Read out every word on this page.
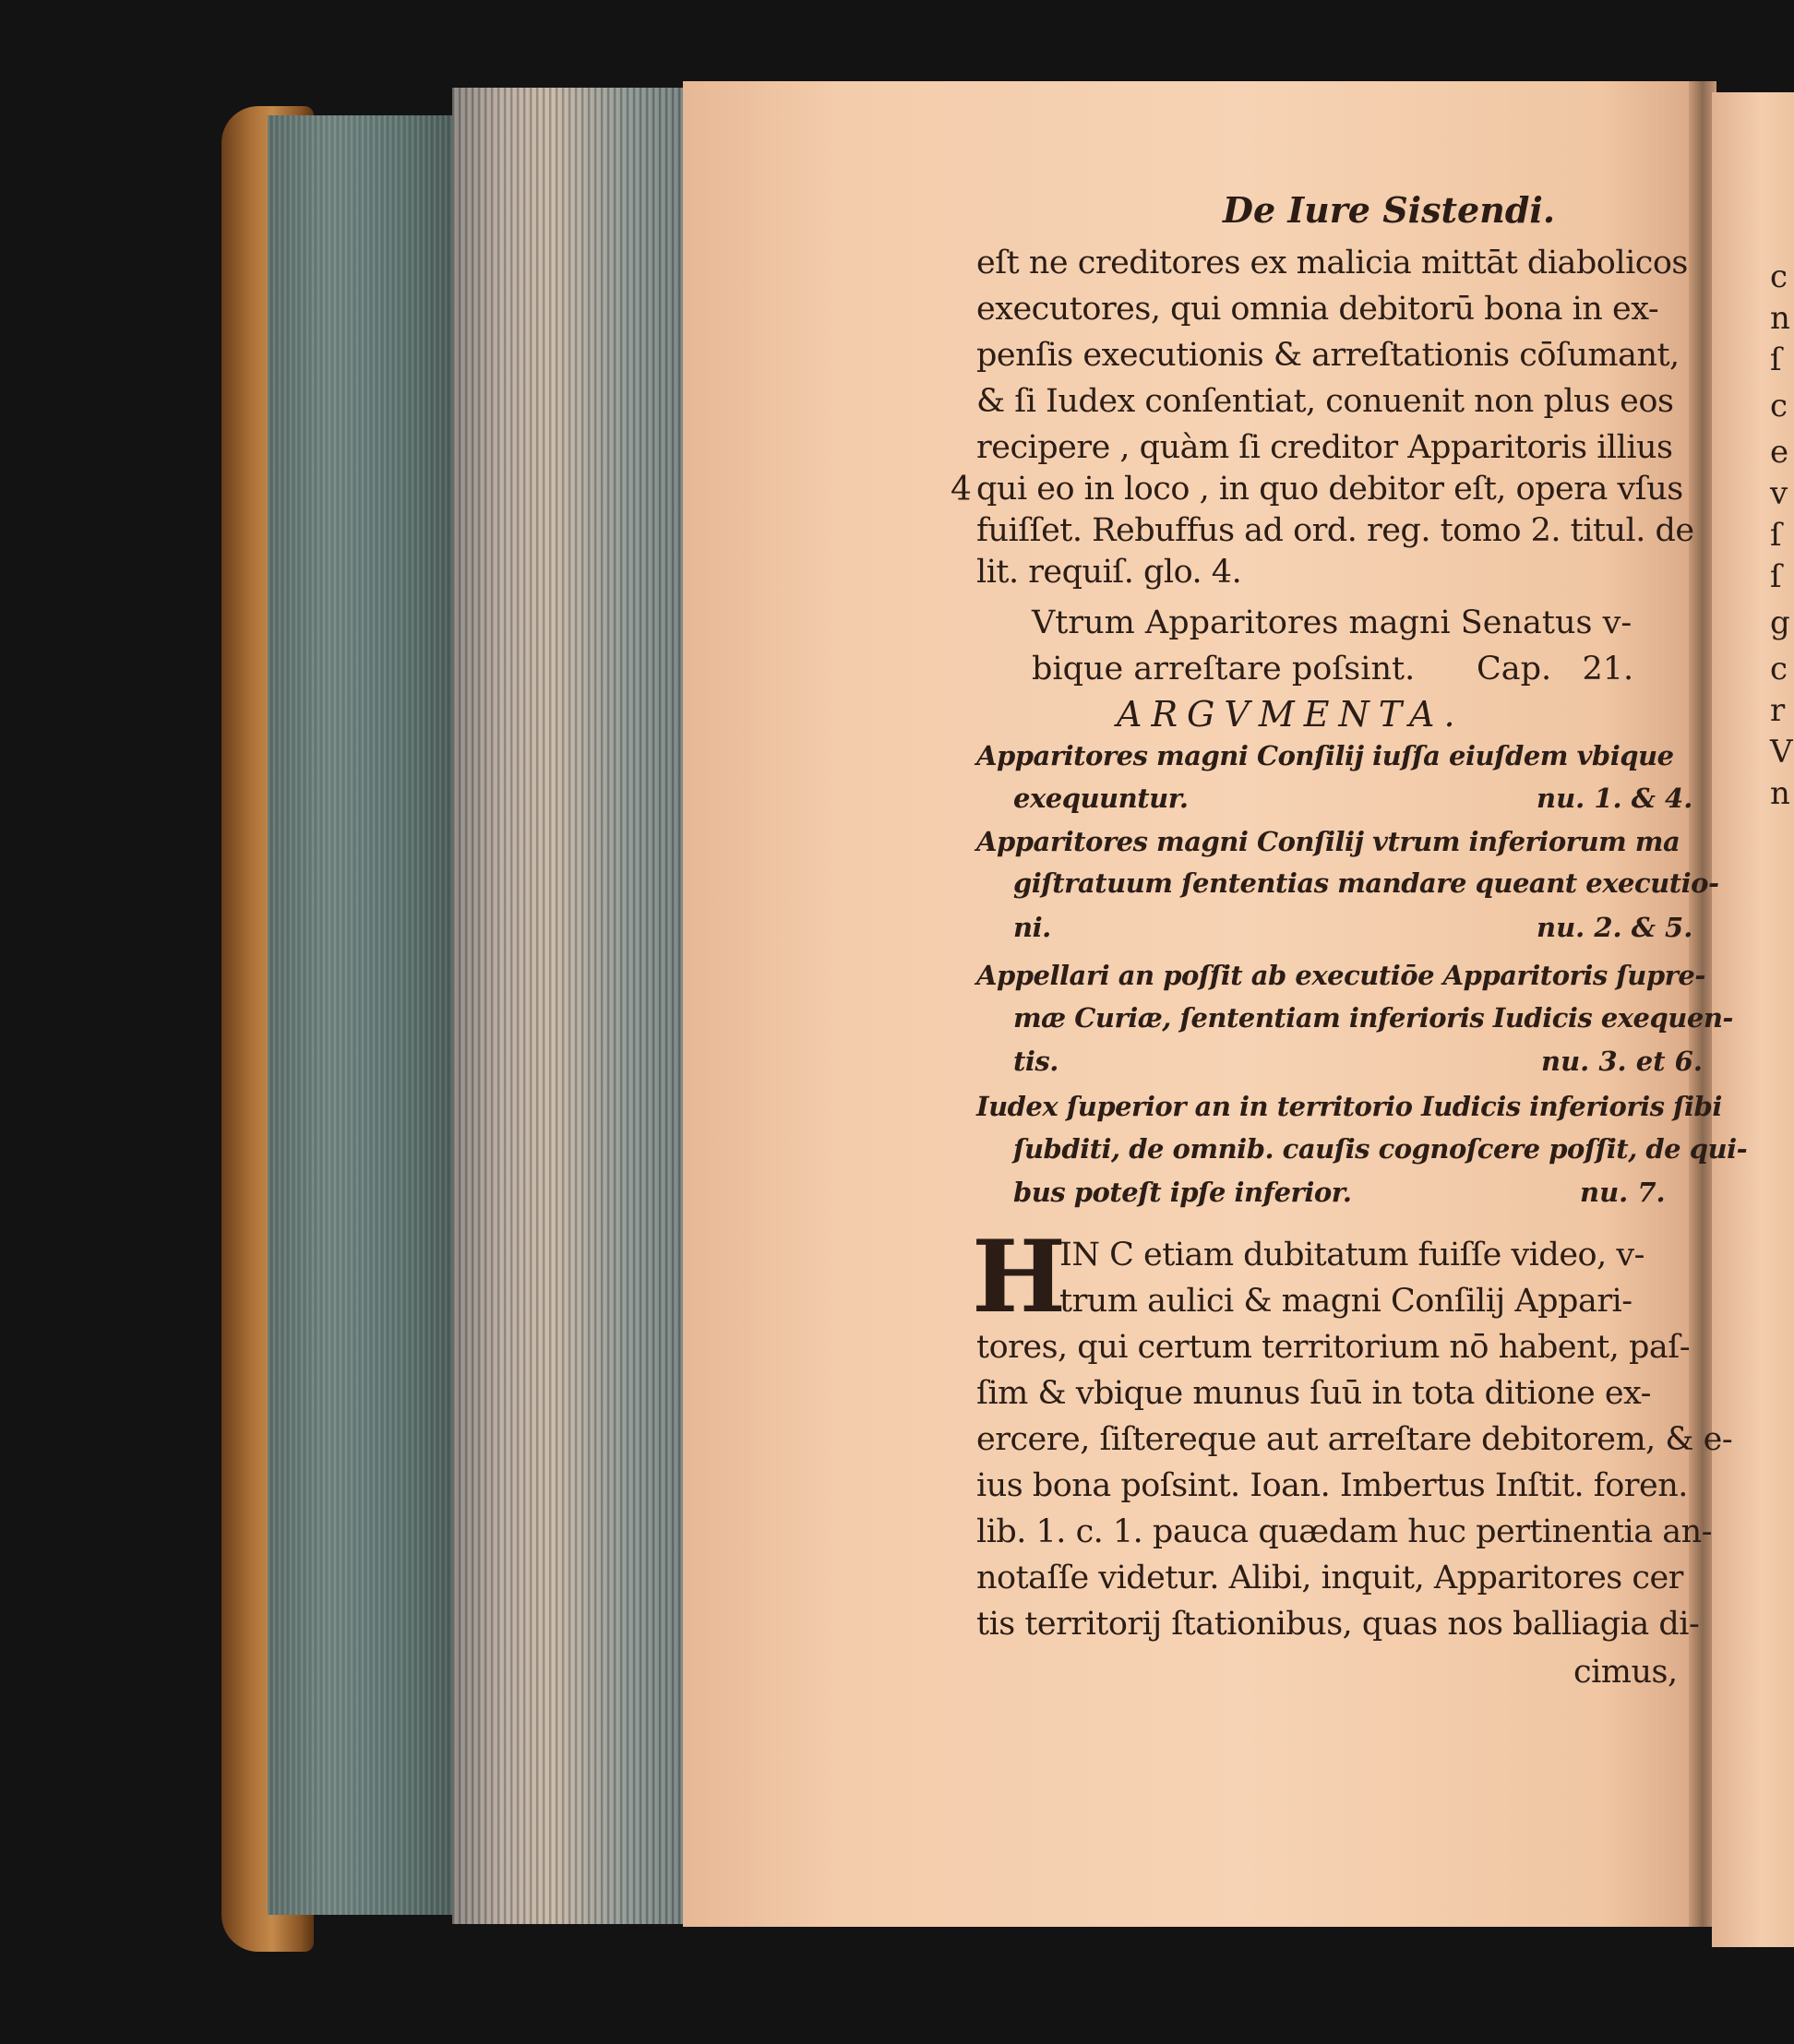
De Iure Sistendi.
eſt ne creditores ex malicia mittāt diabolicos
executores, qui omnia debitorū bona in ex-
penſis executionis & arreſtationis cōſumant,
& ſi Iudex conſentiat, conuenit non plus eos
recipere , quàm ſi creditor Apparitoris illius
4 qui eo in loco , in quo debitor eſt, opera vſus
fuiſſet. Rebuffus ad ord. reg. tomo 2. titul. de
lit. requiſ. glo. 4.
Vtrum Apparitores magni Senatus v-
bique arreſtare poſsint.      Cap.   21.
ARGVMENTA.
Apparitores magni Conſilij iuſſa eiuſdem vbique
exequuntur.	nu. 1. & 4.
Apparitores magni Conſilij vtrum inferiorum ma
giſtratuum ſententias mandare queant executio-
ni.	nu. 2. & 5.
Appellari an poſſit ab executiōe Apparitoris ſupre-
mæ Curiæ, ſententiam inferioris Iudicis exequen-
tis.	nu. 3. et 6.
Iudex ſuperior an in territorio Iudicis inferioris ſibi
ſubditi, de omnib. cauſis cognoſcere poſſit, de qui-
bus poteſt ipſe inferior.	nu. 7.
H
IN C etiam dubitatum fuiſſe video, v-
trum aulici & magni Conſilij Appari-
tores, qui certum territorium nō habent, paſ-
ſim & vbique munus ſuū in tota ditione ex-
ercere, ſiſtereque aut arreſtare debitorem, & e-
ius bona poſsint. Ioan. Imbertus Inſtit. foren.
lib. 1. c. 1. pauca quædam huc pertinentia an-
notaſſe videtur. Alibi, inquit, Apparitores cer
tis territorij ſtationibus, quas nos balliagia di-
cimus,
c
n
ſ
c
e
v
ſ
ſ
g
c
r
V
n
